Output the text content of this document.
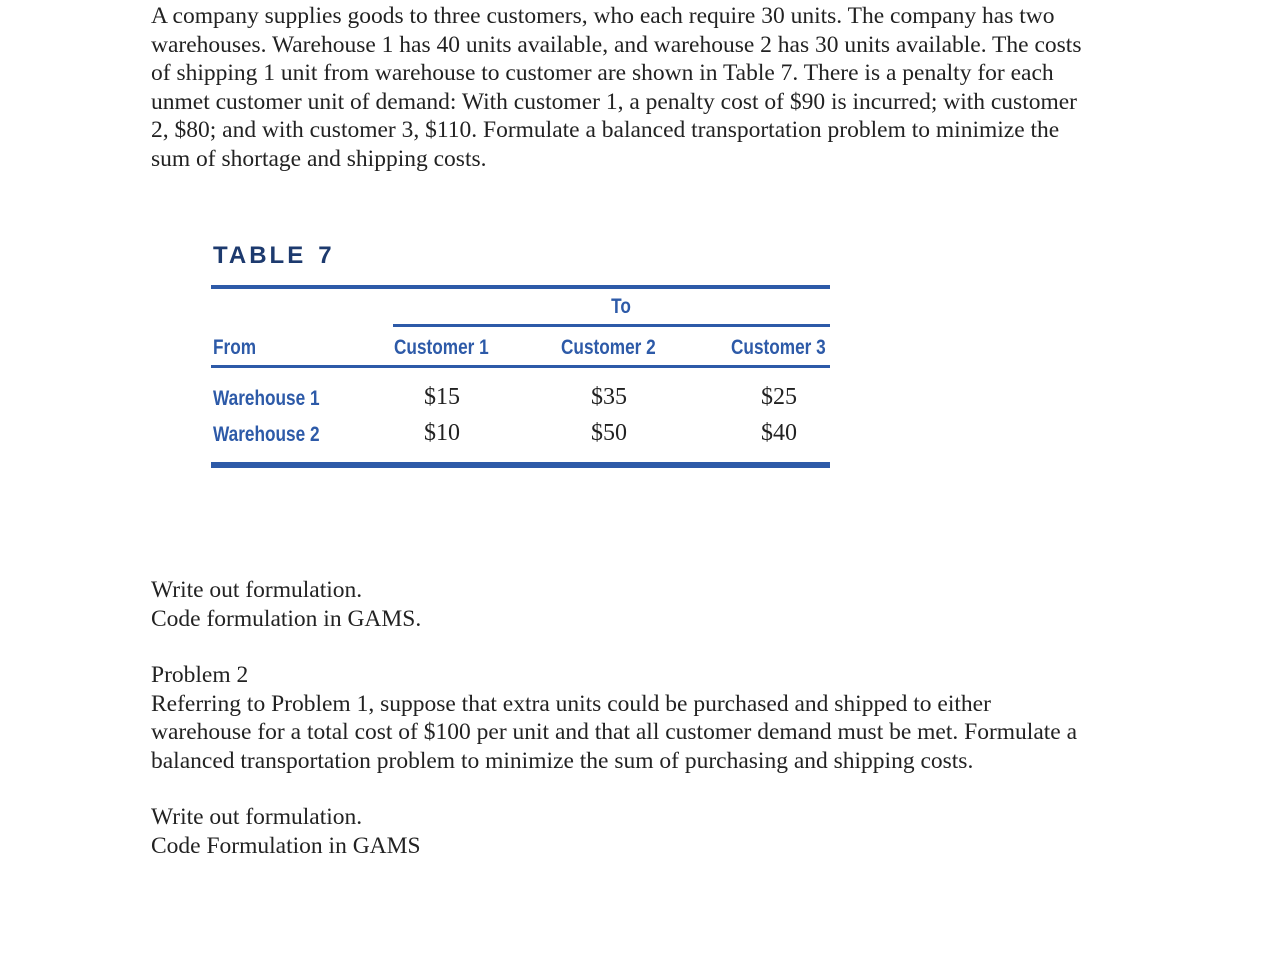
A company supplies goods to three customers, who each require 30 units. The company has two
warehouses. Warehouse 1 has 40 units available, and warehouse 2 has 30 units available. The costs
of shipping 1 unit from warehouse to customer are shown in Table 7. There is a penalty for each
unmet customer unit of demand: With customer 1, a penalty cost of $90 is incurred; with customer
2, $80; and with customer 3, $110. Formulate a balanced transportation problem to minimize the
sum of shortage and shipping costs.
TABLE 7
To
From	Customer 1	Customer 2	Customer 3
Warehouse 1	$15	$35	$25
Warehouse 2	$10	$50	$40
Write out formulation.
Code formulation in GAMS.
Problem 2
Referring to Problem 1, suppose that extra units could be purchased and shipped to either
warehouse for a total cost of $100 per unit and that all customer demand must be met. Formulate a
balanced transportation problem to minimize the sum of purchasing and shipping costs.
Write out formulation.
Code Formulation in GAMS
